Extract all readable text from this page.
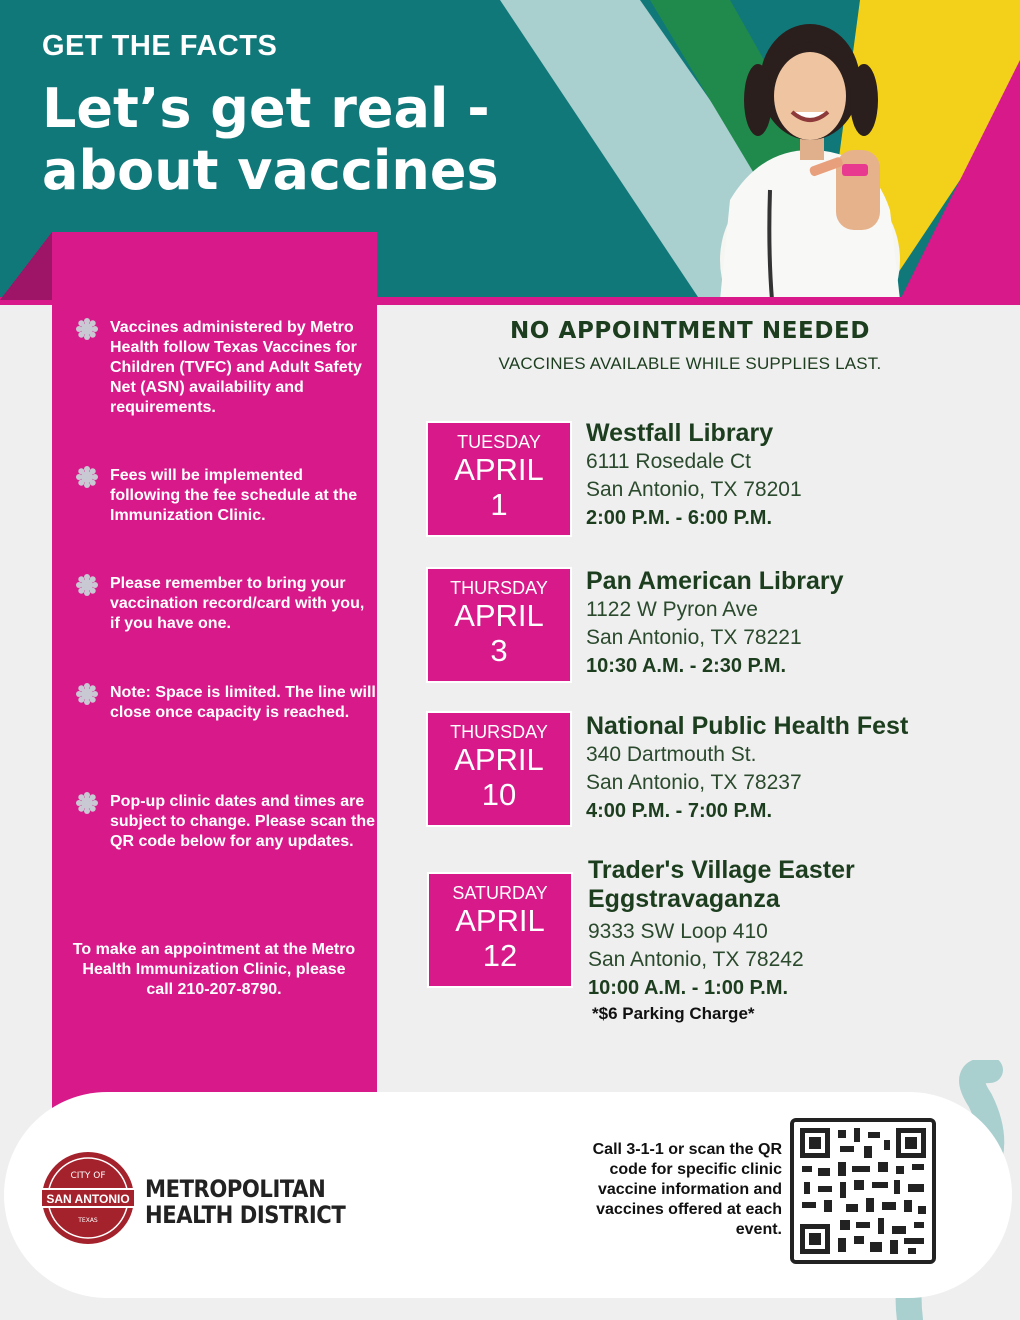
GET THE FACTS
Let’s get real -
about vaccines
Vaccines administered by Metro Health follow Texas Vaccines for Children (TVFC) and Adult Safety Net (ASN) availability and requirements.
Fees will be implemented following the fee schedule at the Immunization Clinic.
Please remember to bring your vaccination record/card with you, if you have one.
Note: Space is limited. The line will close once capacity is reached.
Pop-up clinic dates and times are subject to change. Please scan the QR code below for any updates.
To make an appointment at the Metro Health Immunization Clinic, please call 210-207-8790.
NO APPOINTMENT NEEDED
VACCINES AVAILABLE WHILE SUPPLIES LAST.
TUESDAY
APRIL
1
Westfall Library
6111 Rosedale Ct
San Antonio, TX 78201
2:00 P.M. - 6:00 P.M.
THURSDAY
APRIL
3
Pan American Library
1122 W Pyron Ave
San Antonio, TX 78221
10:30 A.M. - 2:30 P.M.
THURSDAY
APRIL
10
National Public Health Fest
340 Dartmouth St.
San Antonio, TX 78237
4:00 P.M. - 7:00 P.M.
SATURDAY
APRIL
12
Trader's Village Easter
Eggstravaganza
9333 SW Loop 410
San Antonio, TX 78242
10:00 A.M. - 1:00 P.M.
*$6 Parking Charge*
CITY OF
SAN ANTONIO
TEXAS
METROPOLITAN
HEALTH DISTRICT
Call 3-1-1 or scan the QR code for specific clinic vaccine information and vaccines offered at each event.
